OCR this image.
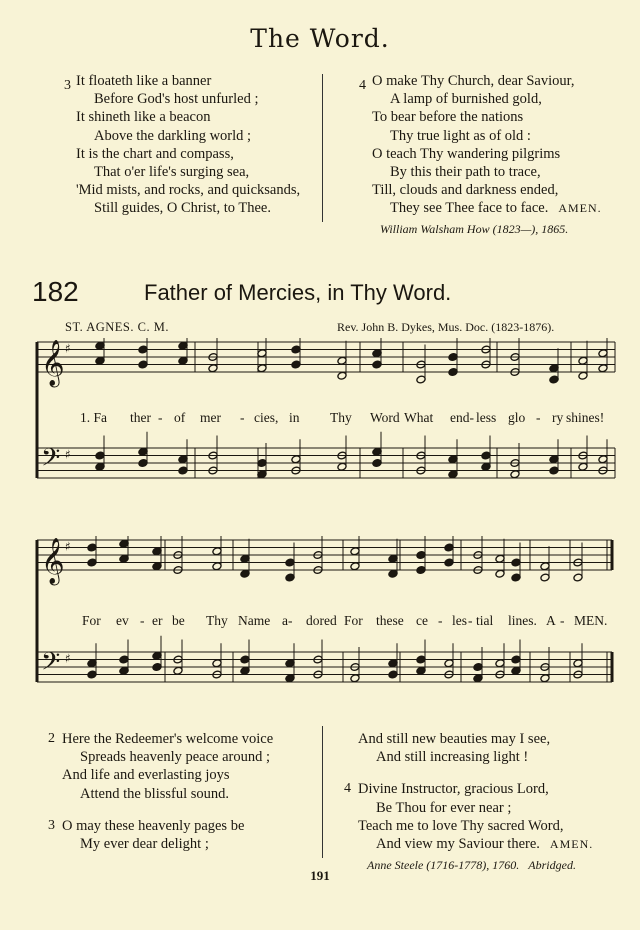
The Word.
3 It floateth like a banner
Before God's host unfurled ;
It shineth like a beacon
Above the darkling world ;
It is the chart and compass,
That o'er life's surging sea,
'Mid mists, and rocks, and quicksands,
Still guides, O Christ, to Thee.
4 O make Thy Church, dear Saviour,
A lamp of burnished gold,
To bear before the nations
Thy true light as of old :
O teach Thy wandering pilgrims
By this their path to trace,
Till, clouds and darkness ended,
They see Thee face to face. AMEN.
William Walsham How (1823—), 1865.
182	Father of Mercies, in Thy Word.
ST. AGNES. C. M.	Rev. John B. Dykes, Mus. Doc. (1823-1876).
𝄞 ♯
𝄢 ♯
1. Fa	-
ther of mer - cies, in Thy Word What end- less glo - ry shines!
𝄞 ♯
𝄢 ♯
For ev - er be Thy Name a- dored For these ce - les - tial lines. A - MEN.
2 Here the Redeemer's welcome voice
Spreads heavenly peace around ;
And life and everlasting joys
Attend the blissful sound.
3 O may these heavenly pages be
My ever dear delight ;
And still new beauties may I see,
And still increasing light !
4 Divine Instructor, gracious Lord,
Be Thou for ever near ;
Teach me to love Thy sacred Word,
And view my Saviour there. AMEN.
Anne Steele (1716-1778), 1760. Abridged.
191
